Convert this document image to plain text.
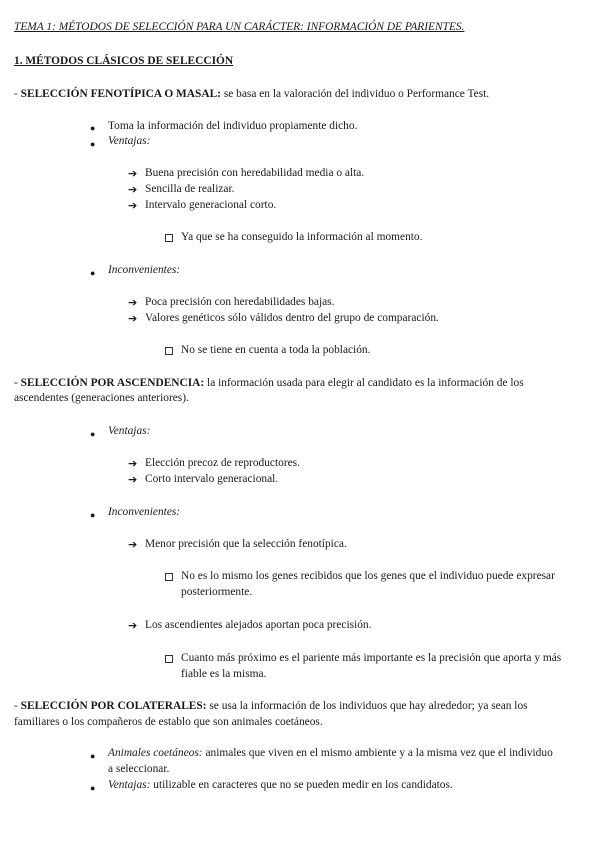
TEMA 1: MÉTODOS DE SELECCIÓN PARA UN CARÁCTER: INFORMACIÓN DE PARIENTES.
1. MÉTODOS CLÁSICOS DE SELECCIÓN
- SELECCIÓN FENOTÍPICA O MASAL: se basa en la valoración del individuo o Performance Test.
● Toma la información del individuo propiamente dicho.
● Ventajas:
➔ Buena precisión con heredabilidad media o alta.
➔ Sencilla de realizar.
➔ Intervalo generacional corto.
Ya que se ha conseguido la información al momento.
● Inconvenientes:
➔ Poca precisión con heredabilidades bajas.
➔ Valores genéticos sólo válidos dentro del grupo de comparación.
No se tiene en cuenta a toda la población.
- SELECCIÓN POR ASCENDENCIA: la información usada para elegir al candidato es la información de los
ascendentes (generaciones anteriores).
● Ventajas:
➔ Elección precoz de reproductores.
➔ Corto intervalo generacional.
● Inconvenientes:
➔ Menor precisión que la selección fenotípica.
No es lo mismo los genes recibidos que los genes que el individuo puede expresar
posteriormente.
➔ Los ascendientes alejados aportan poca precisión.
Cuanto más próximo es el pariente más importante es la precisión que aporta y más
fiable es la misma.
- SELECCIÓN POR COLATERALES: se usa la información de los individuos que hay alrededor; ya sean los
familiares o los compañeros de establo que son animales coetáneos.
● Animales coetáneos: animales que viven en el mismo ambiente y a la misma vez que el individuo
a seleccionar.
● Ventajas: utilizable en caracteres que no se pueden medir en los candidatos.
